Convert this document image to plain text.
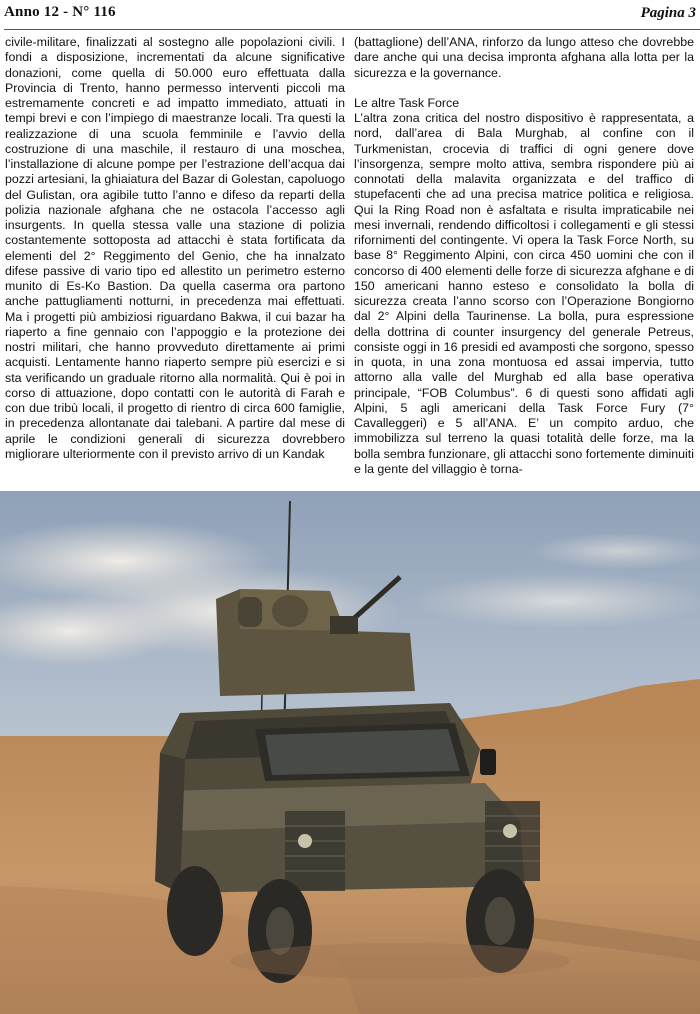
Anno 12 - N° 116	Pagina 3

civile-militare, finalizzati al sostegno alle popolazioni civili. I fondi a disposizione, incrementati da alcune significative donazioni, come quella di 50.000 euro effettuata dalla Provincia di Trento, hanno permesso interventi piccoli ma estremamente concreti e ad impatto immediato, attuati in tempi brevi e con l’impiego di maestranze locali. Tra questi la realizzazione di una scuola femminile e l’avvio della costruzione di una maschile, il restauro di una moschea, l’installazione di alcune pompe per l’estrazione dell’acqua dai pozzi artesiani, la ghiaiatura del Bazar di Golestan, capoluogo del Gulistan, ora agibile tutto l’anno e difeso da reparti della polizia nazionale afghana che ne ostacola l’accesso agli insurgents. In quella stessa valle una stazione di polizia costantemente sottoposta ad attacchi è stata fortificata da elementi del 2° Reggimento del Genio, che ha innalzato difese passive di vario tipo ed allestito un perimetro esterno munito di Es-Ko Bastion. Da quella caserma ora partono anche pattugliamenti notturni, in precedenza mai effettuati. Ma i progetti più ambiziosi riguardano Bakwa, il cui bazar ha riaperto a fine gennaio con l’appoggio e la protezione dei nostri militari, che hanno provveduto direttamente ai primi acquisti. Lentamente hanno riaperto sempre più esercizi e si sta verificando un graduale ritorno alla normalità. Qui è poi in corso di attuazione, dopo contatti con le autorità di Farah e con due tribù locali, il progetto di rientro di circa 600 famiglie, in precedenza allontanate dai talebani. A partire dal mese di aprile le condizioni generali di sicurezza dovrebbero migliorare ulteriormente con il previsto arrivo di un Kandak

(battaglione) dell’ANA, rinforzo da lungo atteso che dovrebbe dare anche qui una decisa impronta afghana alla lotta per la sicurezza e la governance.

Le altre Task Force

L’altra zona critica del nostro dispositivo è rappresentata, a nord, dall’area di Bala Murghab, al confine con il Turkmenistan, crocevia di traffici di ogni genere dove l’insorgenza, sempre molto attiva, sembra rispondere più ai connotati della malavita organizzata e del traffico di stupefacenti che ad una precisa matrice politica e religiosa. Qui la Ring Road non è asfaltata e risulta impraticabile nei mesi invernali, rendendo difficoltosi i collegamenti e gli stessi rifornimenti del contingente. Vi opera la Task Force North, su base 8° Reggimento Alpini, con circa 450 uomini che con il concorso di 400 elementi delle forze di sicurezza afghane e di 150 americani hanno esteso e consolidato la bolla di sicurezza creata l’anno scorso con l’Operazione Bongiorno dal 2° Alpini della Taurinense. La bolla, pura espressione della dottrina di counter insurgency del generale Petreus, consiste oggi in 16 presidi ed avamposti che sorgono, spesso in quota, in una zona montuosa ed assai impervia, tutto attorno alla valle del Murghab ed alla base operativa principale, “FOB Columbus”. 6 di questi sono affidati agli Alpini, 5 agli americani della Task Force Fury (7° Cavalleggeri) e 5 all’ANA. E’ un compito arduo, che immobilizza sul terreno la quasi totalità delle forze, ma la bolla sembra funzionare, gli attacchi sono fortemente diminuiti e la gente del villaggio è torna-
